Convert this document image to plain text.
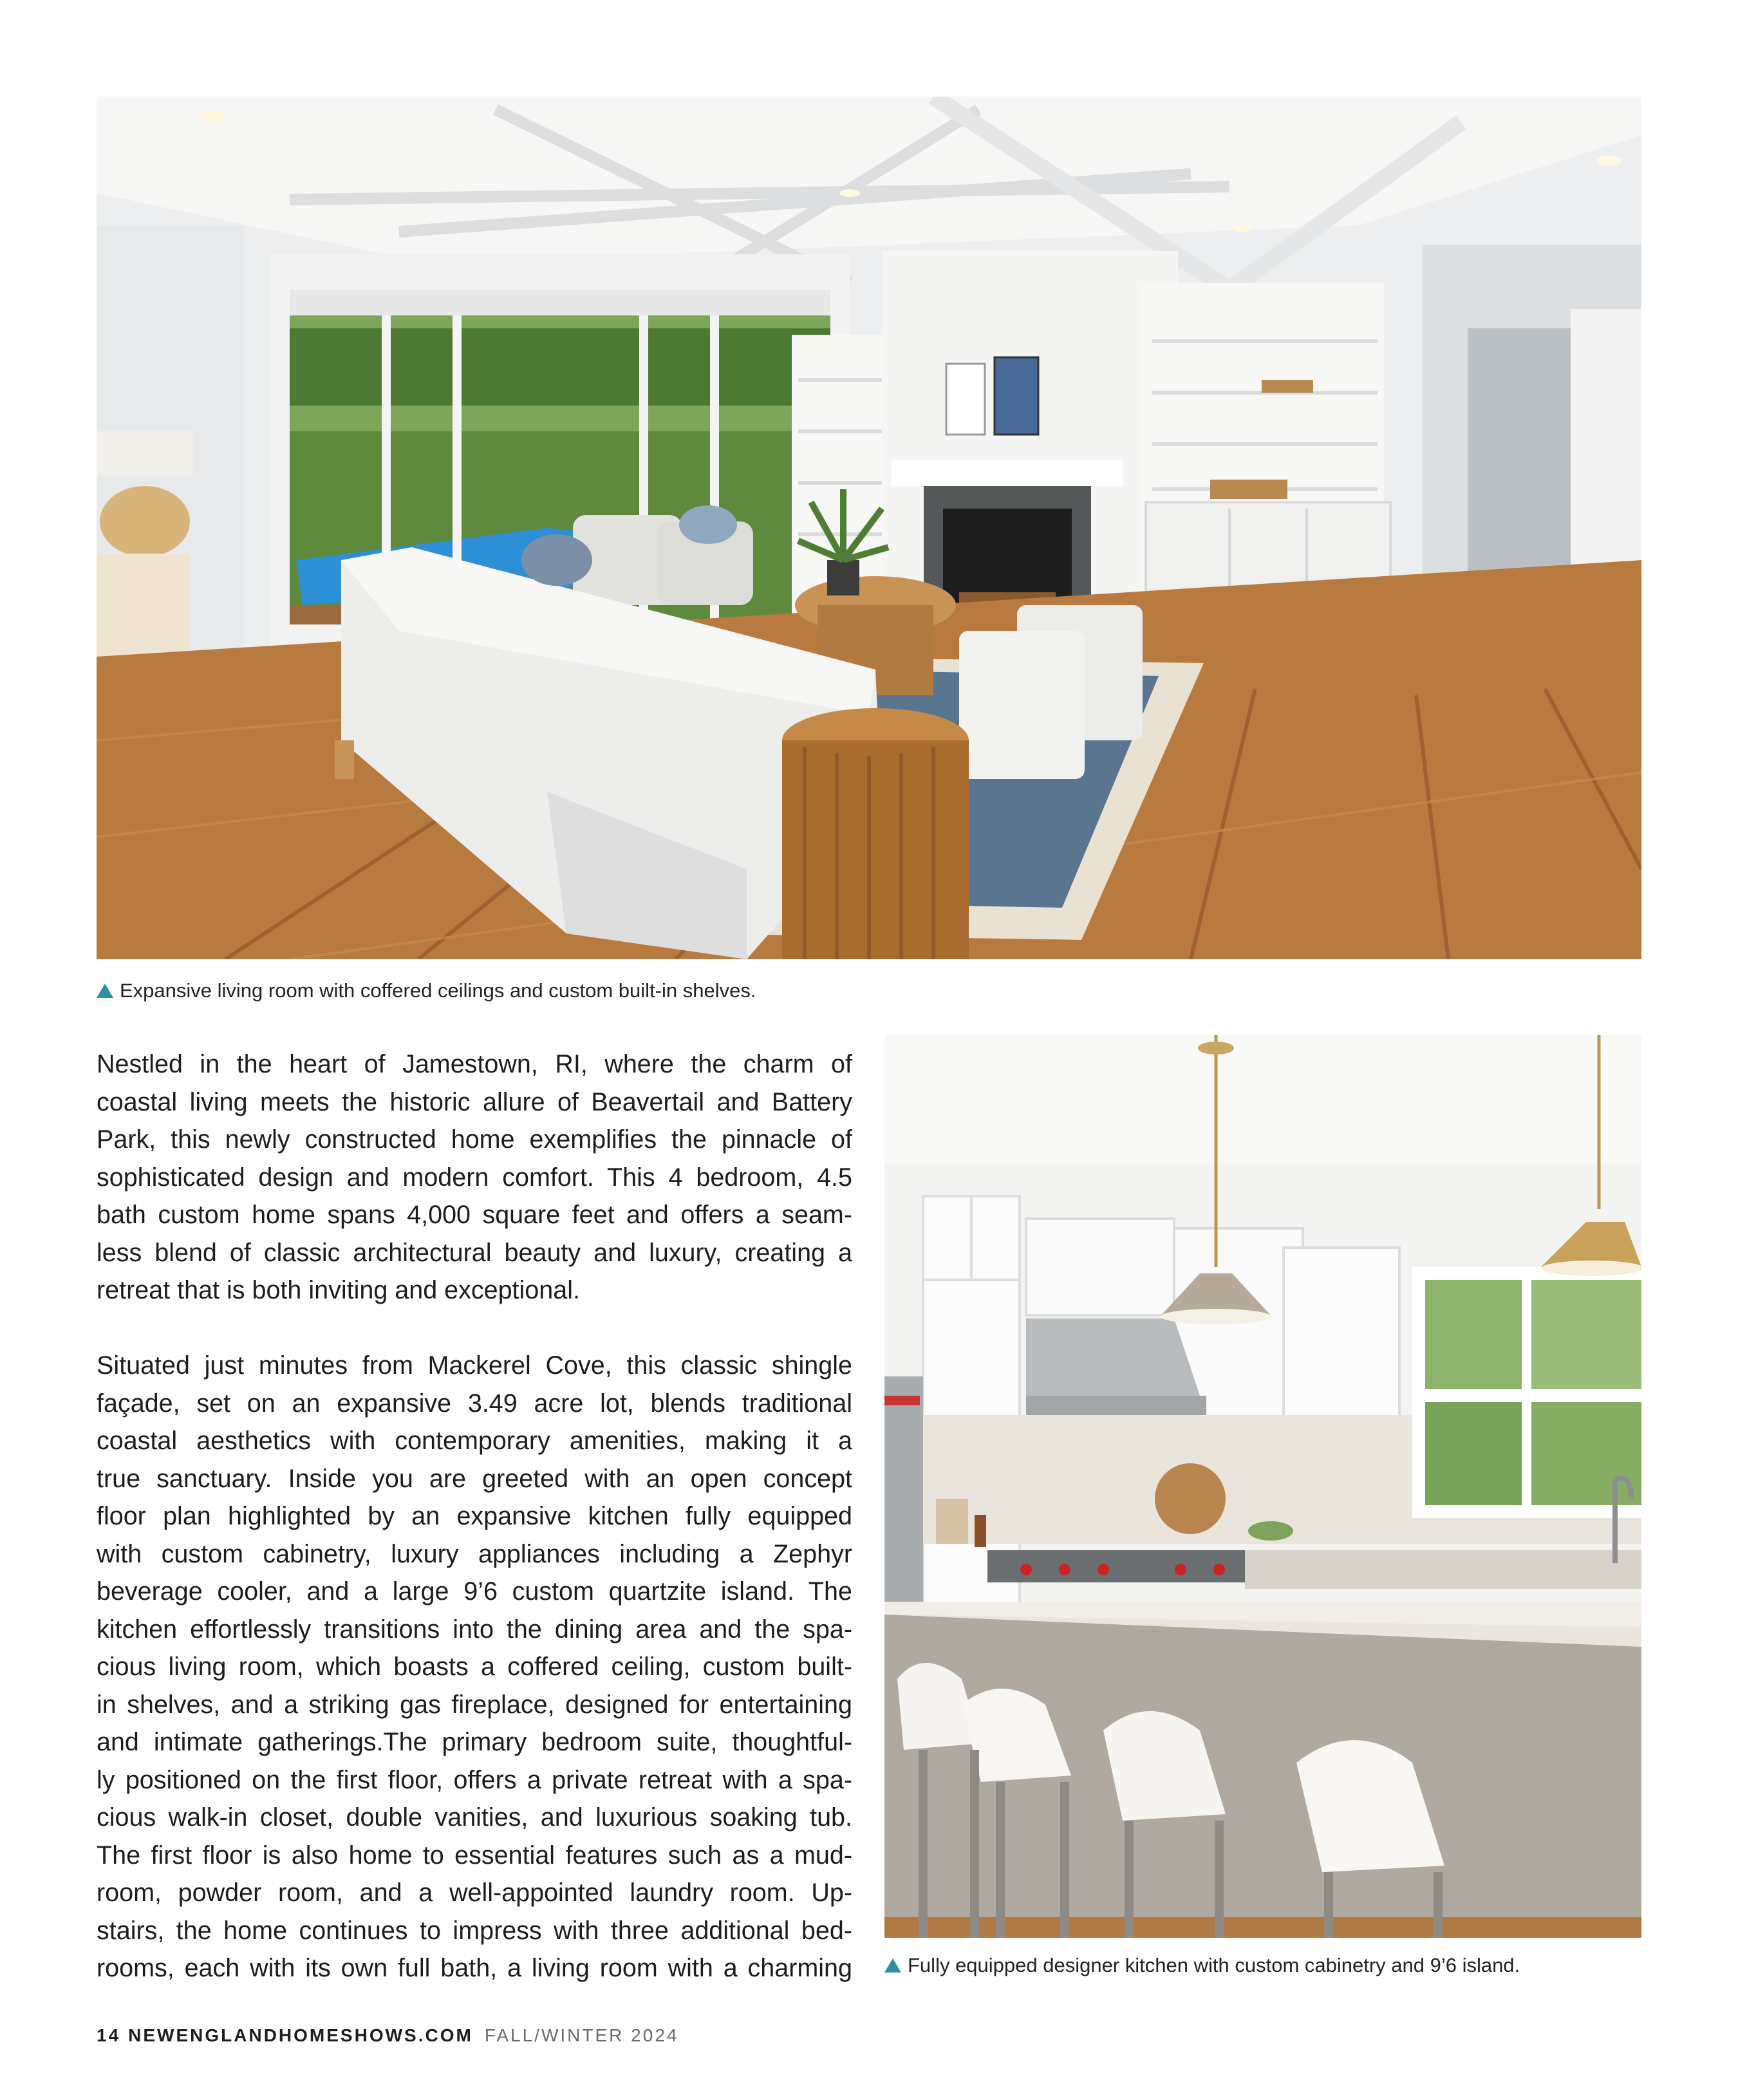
Expansive living room with coffered ceilings and custom built-in shelves.
Nestled in the heart of Jamestown, RI, where the charm of
coastal living meets the historic allure of Beavertail and Battery
Park, this newly constructed home exemplifies the pinnacle of
sophisticated design and modern comfort. This 4 bedroom, 4.5
bath custom home spans 4,000 square feet and offers a seam-
less blend of classic architectural beauty and luxury, creating a
retreat that is both inviting and exceptional.
Situated just minutes from Mackerel Cove, this classic shingle
façade, set on an expansive 3.49 acre lot, blends traditional
coastal aesthetics with contemporary amenities, making it a
true sanctuary. Inside you are greeted with an open concept
floor plan highlighted by an expansive kitchen fully equipped
with custom cabinetry, luxury appliances including a Zephyr
beverage cooler, and a large 9’6 custom quartzite island. The
kitchen effortlessly transitions into the dining area and the spa-
cious living room, which boasts a coffered ceiling, custom built-
in shelves, and a striking gas fireplace, designed for entertaining
and intimate gatherings.The primary bedroom suite, thoughtful-
ly positioned on the first floor, offers a private retreat with a spa-
cious walk-in closet, double vanities, and luxurious soaking tub.
The first floor is also home to essential features such as a mud-
room, powder room, and a well-appointed laundry room. Up-
stairs, the home continues to impress with three additional bed-
rooms, each with its own full bath, a living room with a charming	Fully equipped designer kitchen with custom cabinetry and 9’6 island.
14 NEWENGLANDHOMESHOWS.COM FALL/WINTER 2024
